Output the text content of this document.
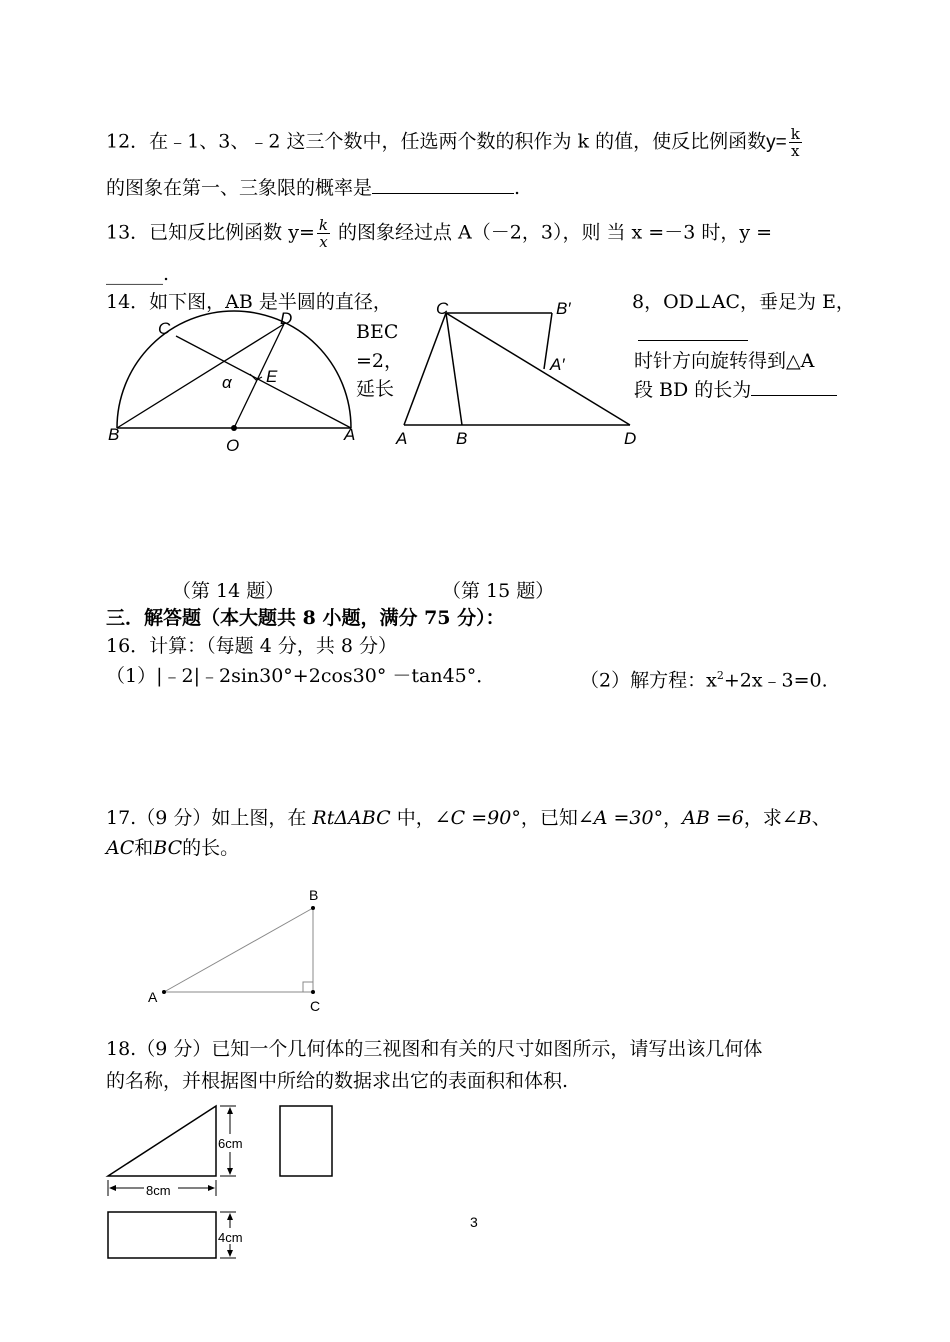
12．在﹣1、3、﹣2 这三个数中，任选两个数的积作为 k 的值，使反比例函数$y= \frac{k}{x}$
的图象在第一、三象限的概率是	.
13．已知反比例函数 $y= \frac{k}{x}$ 的图象经过点 A（－2，3），则 当 x =－3 时，y =
______.
14．如下图，AB 是半圆的直径，	8，OD⊥AC，垂足为 E，
BEC
=2，
延长
时针方向旋转得到△A
段 BD 的长为
C
D
E
α
B
O
A
C	B′
A′
A	B	D
（第 14 题）	（第 15 题）
三．解答题（本大题共 8 小题，满分 75 分）：
16．计算：（每题 4 分，共 8 分）
（1）|﹣2|﹣2sin30°+2cos30° －tan45°．	（2）解方程：$x^2+2x﹣3=0$.
17.（9 分）如上图，在 RtΔABC 中，∠C =90°，已知∠A =30°，AB =6，求∠B、
AC和BC的长。
A
B
C
18.（9 分）已知一个几何体的三视图和有关的尺寸如图所示，请写出该几何体
的名称，并根据图中所给的数据求出它的表面积和体积.
6cm
8cm
4cm
3
